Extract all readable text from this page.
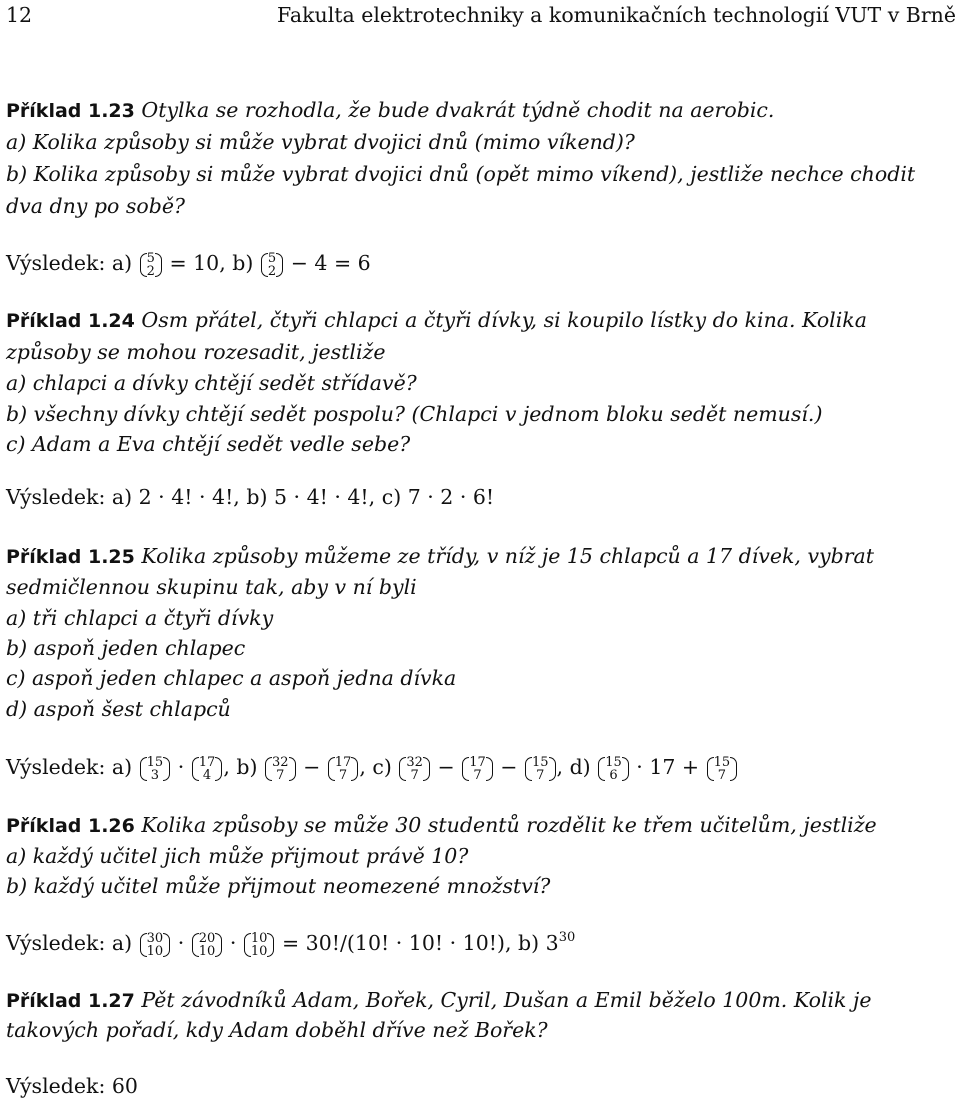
12	Fakulta elektrotechniky a komunikačních technologií VUT v Brně
Příklad 1.23 Otylka se rozhodla, že bude dvakrát týdně chodit na aerobic.
a) Kolika způsoby si může vybrat dvojici dnů (mimo víkend)?
b) Kolika způsoby si může vybrat dvojici dnů (opět mimo víkend), jestliže nechce chodit
dva dny po sobě?
Výsledek: a) 5
2 = 10, b) 5
2 − 4 = 6
Příklad 1.24 Osm přátel, čtyři chlapci a čtyři dívky, si koupilo lístky do kina. Kolika
způsoby se mohou rozesadit, jestliže
a) chlapci a dívky chtějí sedět střídavě?
b) všechny dívky chtějí sedět pospolu? (Chlapci v jednom bloku sedět nemusí.)
c) Adam a Eva chtějí sedět vedle sebe?
Výsledek: a) 2 · 4! · 4!, b) 5 · 4! · 4!, c) 7 · 2 · 6!
Příklad 1.25 Kolika způsoby můžeme ze třídy, v níž je 15 chlapců a 17 dívek, vybrat
sedmičlennou skupinu tak, aby v ní byli
a) tři chlapci a čtyři dívky
b) aspoň jeden chlapec
c) aspoň jeden chlapec a aspoň jedna dívka
d) aspoň šest chlapců
Výsledek: a) 15
3 · 17
4 , b) 32
7 − 17
7 , c) 32
7 − 17
7 − 15
7 , d) 15
6 · 17 + 15
7
Příklad 1.26 Kolika způsoby se může 30 studentů rozdělit ke třem učitelům, jestliže
a) každý učitel jich může přijmout právě 10?
b) každý učitel může přijmout neomezené množství?
Výsledek: a) 30
10 · 20
10 · 10
10 = 30!/(10! · 10! · 10!), b) $3^{30}$
Příklad 1.27 Pět závodníků Adam, Bořek, Cyril, Dušan a Emil běželo 100m. Kolik je
takových pořadí, kdy Adam doběhl dříve než Bořek?
Výsledek: 60
